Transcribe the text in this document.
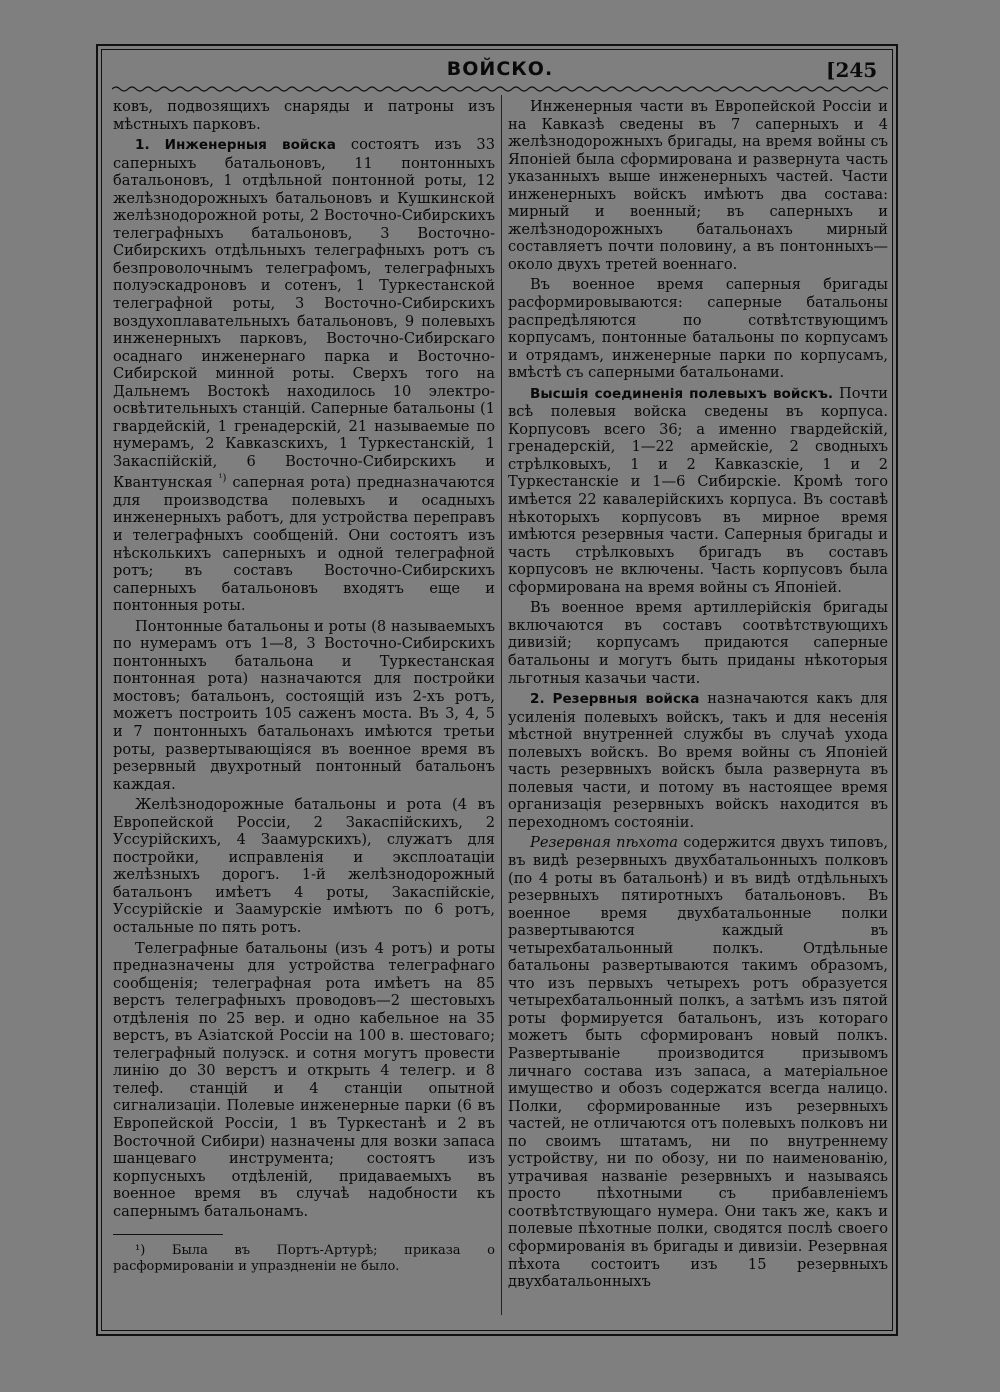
ВОЙСКО.	[245

ковъ, подвозящихъ снаряды и патроны изъ мѣстныхъ парковъ.

1. Инженерныя войска состоятъ изъ 33 саперныхъ батальоновъ, 11 понтонныхъ батальоновъ, 1 отдѣльной понтонной роты, 12 желѣзнодорожныхъ батальоновъ и Кушкинской желѣзнодорожной роты, 2 Восточно-Сибирскихъ телеграфныхъ батальоновъ, 3 Восточно-Сибирскихъ отдѣльныхъ телеграфныхъ ротъ съ безпроволочнымъ телеграфомъ, телеграфныхъ полуэскадроновъ и сотенъ, 1 Туркестанской телеграфной роты, 3 Восточно-Сибирскихъ воздухоплавательныхъ батальоновъ, 9 полевыхъ инженерныхъ парковъ, Восточно-Сибирскаго осаднаго инженернаго парка и Восточно-Сибирской минной роты. Сверхъ того на Дальнемъ Востокѣ находилось 10 электро-освѣтительныхъ станцій. Саперные батальоны (1 гвардейскій, 1 гренадерскій, 21 называемые по нумерамъ, 2 Кавказскихъ, 1 Туркестанскій, 1 Закаспійскій, 6 Восточно-Сибирскихъ и Квантунская $^{^1)}$ саперная рота) предназначаются для производства полевыхъ и осадныхъ инженерныхъ работъ, для устройства переправъ и телеграфныхъ сообщеній. Они состоятъ изъ нѣсколькихъ саперныхъ и одной телеграфной ротъ; въ составъ Восточно-Сибирскихъ саперныхъ батальоновъ входятъ еще и понтонныя роты.

Понтонные батальоны и роты (8 называемыхъ по нумерамъ отъ 1—8, 3 Восточно-Сибирскихъ понтонныхъ батальона и Туркестанская понтонная рота) назначаются для постройки мостовъ; батальонъ, состоящій изъ 2-хъ ротъ, можетъ построить 105 саженъ моста. Въ 3, 4, 5 и 7 понтонныхъ батальонахъ имѣются третьи роты, развертывающіяся въ военное время въ резервный двухротный понтонный батальонъ каждая.

Желѣзнодорожные батальоны и рота (4 въ Европейской Россіи, 2 Закаспійскихъ, 2 Уссурійскихъ, 4 Заамурскихъ), служатъ для постройки, исправленія и эксплоатаціи желѣзныхъ дорогъ. 1-й желѣзнодорожный батальонъ имѣетъ 4 роты, Закаспійскіе, Уссурійскіе и Заамурскіе имѣютъ по 6 ротъ, остальные по пять ротъ.

Телеграфные батальоны (изъ 4 ротъ) и роты предназначены для устройства телеграфнаго сообщенія; телеграфная рота имѣетъ на 85 верстъ телеграфныхъ проводовъ—2 шестовыхъ отдѣленія по 25 вер. и одно кабельное на 35 верстъ, въ Азіатской Россіи на 100 в. шестоваго; телеграфный полуэск. и сотня могутъ провести линію до 30 верстъ и открыть 4 телегр. и 8 телеф. станцій и 4 станціи опытной сигнализаціи. Полевые инженерные парки (6 въ Европейской Россіи, 1 въ Туркестанѣ и 2 въ Восточной Сибири) назначены для возки запаса шанцеваго инструмента; состоятъ изъ корпусныхъ отдѣленій, придаваемыхъ въ военное время въ случаѣ надобности къ сапернымъ батальонамъ.

¹) Была въ Портъ-Артурѣ; приказа о расформированіи и упраздненіи не было.

Инженерныя части въ Европейской Россіи и на Кавказѣ сведены въ 7 саперныхъ и 4 желѣзнодорожныхъ бригады, на время войны съ Японіей была сформирована и развернута часть указанныхъ выше инженерныхъ частей. Части инженерныхъ войскъ имѣютъ два состава: мирный и военный; въ саперныхъ и желѣзнодорожныхъ батальонахъ мирный составляетъ почти половину, а въ понтонныхъ—около двухъ третей военнаго.

Въ военное время саперныя бригады расформировываются: саперные батальоны распредѣляются по сотвѣтствующимъ корпусамъ, понтонные батальоны по корпусамъ и отрядамъ, инженерные парки по корпусамъ, вмѣстѣ съ саперными батальонами.

Высшія соединенія полевыхъ войскъ. Почти всѣ полевыя войска сведены въ корпуса. Корпусовъ всего 36; а именно гвардейскій, гренадерскій, 1—22 армейскіе, 2 сводныхъ стрѣлковыхъ, 1 и 2 Кавказскіе, 1 и 2 Туркестанскіе и 1—6 Сибирскіе. Кромѣ того имѣется 22 кавалерійскихъ корпуса. Въ составѣ нѣкоторыхъ корпусовъ въ мирное время имѣются резервныя части. Саперныя бригады и часть стрѣлковыхъ бригадъ въ составъ корпусовъ не включены. Часть корпусовъ была сформирована на время войны съ Японіей.

Въ военное время артиллерійскія бригады включаются въ составъ соотвѣтствующихъ дивизій; корпусамъ придаются саперные батальоны и могутъ быть приданы нѣкоторыя льготныя казачьи части.

2. Резервныя войска назначаются какъ для усиленія полевыхъ войскъ, такъ и для несенія мѣстной внутренней службы въ случаѣ ухода полевыхъ войскъ. Во время войны съ Японіей часть резервныхъ войскъ была развернута въ полевыя части, и потому въ настоящее время организація резервныхъ войскъ находится въ переходномъ состояніи.

Резервная пѣхота содержится двухъ типовъ, въ видѣ резервныхъ двухбатальонныхъ полковъ (по 4 роты въ батальонѣ) и въ видѣ отдѣльныхъ резервныхъ пятиротныхъ батальоновъ. Въ военное время двухбатальонные полки развертываются каждый въ четырехбатальонный полкъ. Отдѣльные батальоны развертываются такимъ образомъ, что изъ первыхъ четырехъ ротъ образуется четырехбатальонный полкъ, а затѣмъ изъ пятой роты формируется батальонъ, изъ котораго можетъ быть сформированъ новый полкъ. Развертываніе производится призывомъ личнаго состава изъ запаса, а матеріальное имущество и обозъ содержатся всегда налицо. Полки, сформированные изъ резервныхъ частей, не отличаются отъ полевыхъ полковъ ни по своимъ штатамъ, ни по внутреннему устройству, ни по обозу, ни по наименованію, утрачивая названіе резервныхъ и называясь просто пѣхотными съ прибавленіемъ соотвѣтствующаго нумера. Они такъ же, какъ и полевые пѣхотные полки, сводятся послѣ своего сформированія въ бригады и дивизіи. Резервная пѣхота состоитъ изъ 15 резервныхъ двухбатальонныхъ
